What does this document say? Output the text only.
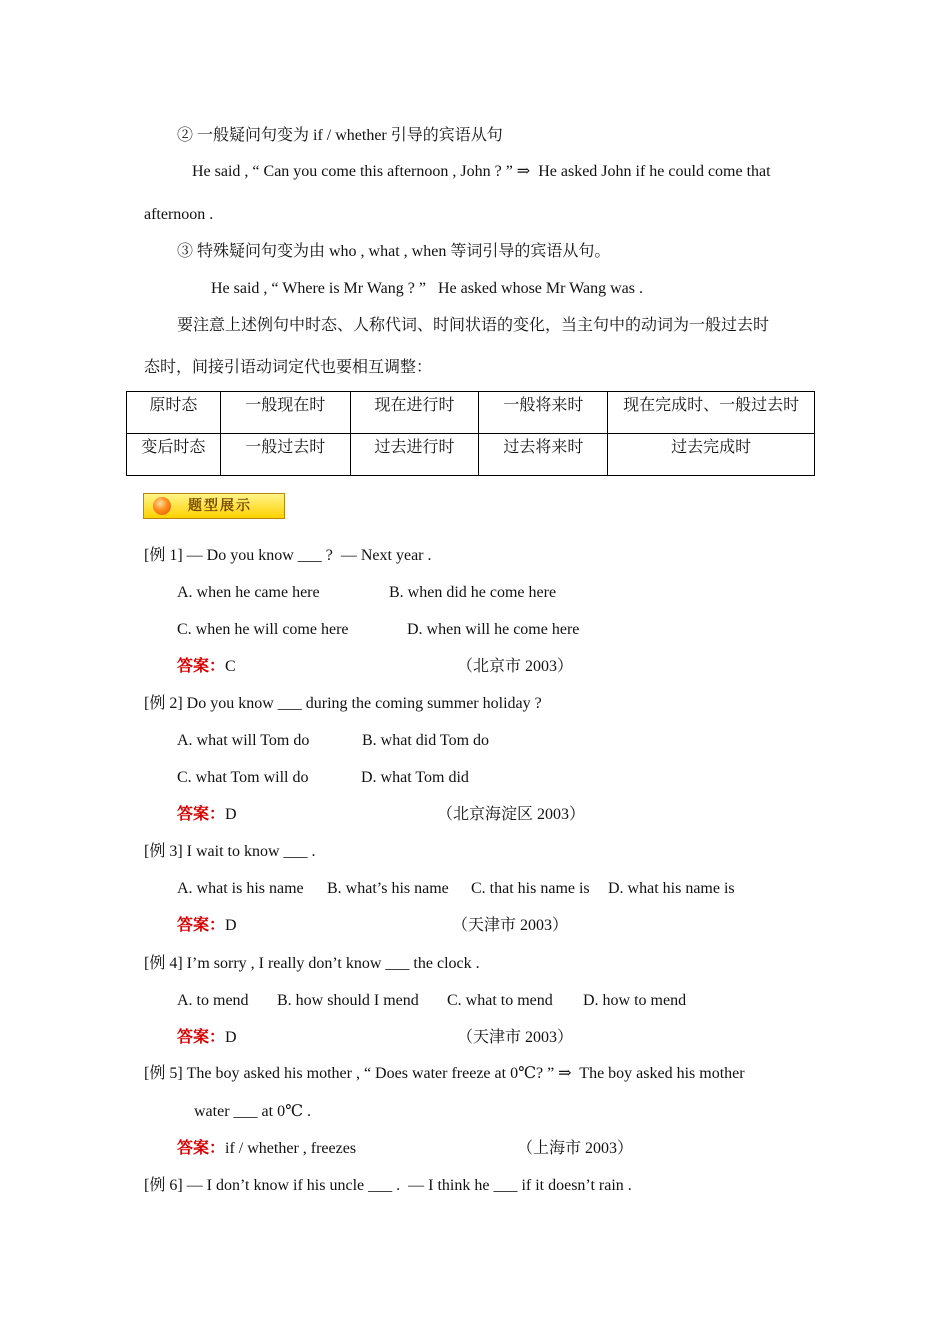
② 一般疑问句变为 if / whether 引导的宾语从句
He said , “ Can you come this afternoon , John ? ” ⇒  He asked John if he could come that
afternoon .
③ 特殊疑问句变为由 who , what , when 等词引导的宾语从句。
He said , “ Where is Mr Wang ? ”   He asked whose Mr Wang was .
要注意上述例句中时态、人称代词、时间状语的变化，当主句中的动词为一般过去时
态时，间接引语动词定代也要相互调整：
原时态	一般现在时	现在进行时	一般将来时	现在完成时、一般过去时
变后时态	一般过去时	过去进行时	过去将来时	过去完成时
题型展示
[例 1] — Do you know ___ ?  — Next year .
A. when he came here	B. when did he come here
C. when he will come here	D. when will he come here
答案：C	（北京市 2003）
[例 2] Do you know ___ during the coming summer holiday ?
A. what will Tom do	B. what did Tom do
C. what Tom will do	D. what Tom did
答案：D	（北京海淀区 2003）
[例 3] I wait to know ___ .
A. what is his name B. what’s his name C. that his name is D. what his name is
答案：D	（天津市 2003）
[例 4] I’m sorry , I really don’t know ___ the clock .
A. to mend B. how should I mend C. what to mend D. how to mend
答案：D	（天津市 2003）
[例 5] The boy asked his mother , “ Does water freeze at 0℃? ” ⇒  The boy asked his mother
water ___ at 0℃ .
答案：if / whether , freezes	（上海市 2003）
[例 6] — I don’t know if his uncle ___ .  — I think he ___ if it doesn’t rain .
